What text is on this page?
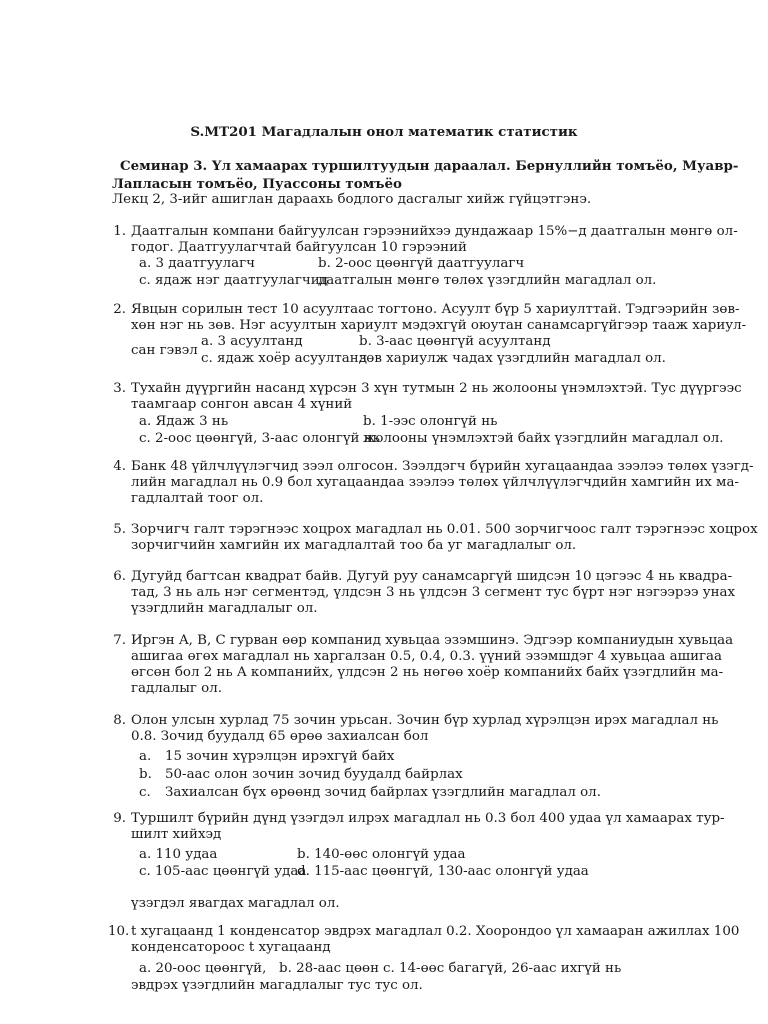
S.MT201 Магадлалын онол математик статистик
Семинар 3. Үл хамаарах туршилтуудын дараалал. Бернуллийн томъёо, Муавр-
Лапласын томъёо, Пуассоны томъёо
Лекц 2, 3-ийг ашиглан дараахь бодлого дасгалыг хийж гүйцэтгэнэ.
1. Даатгалын компани байгуулсан гэрээнийхээ дундажаар 15%−д даатгалын мөнгө ол-
годог. Даатгуулагчтай байгуулсан 10 гэрээний
a. 3 даатгуулагч	b. 2-оос цөөнгүй даатгуулагч
c. ядаж нэг даатгуулагчид
даатгалын мөнгө төлөх үзэгдлийн магадлал ол.
2. Явцын сорилын тест 10 асуултаас тогтоно. Асуулт бүр 5 хариулттай. Тэдгээрийн зөв-
хөн нэг нь зөв. Нэг асуултын хариулт мэдэхгүй оюутан санамсаргүйгээр тааж хариул-
сан гэвэл
a. 3 асуултанд	b. 3-аас цөөнгүй асуултанд
c. ядаж хоёр асуултанд
зөв хариулж чадах үзэгдлийн магадлал ол.
3. Тухайн дүүргийн насанд хүрсэн 3 хүн тутмын 2 нь жолооны үнэмлэхтэй. Тус дүүргээс
таамгаар сонгон авсан 4 хүний
a. Ядаж 3 нь	b. 1-ээс олонгүй нь
c. 2-оос цөөнгүй, 3-аас олонгүй нь
жолооны үнэмлэхтэй байх үзэгдлийн магадлал ол.
4. Банк 48 үйлчлүүлэгчид зээл олгосон. Зээлдэгч бүрийн хугацаандаа зээлээ төлөх үзэгд-
лийн магадлал нь 0.9 бол хугацаандаа зээлээ төлөх үйлчлүүлэгчдийн хамгийн их ма-
гадлалтай тоог ол.
5. Зорчигч галт тэрэгнээс хоцрох магадлал нь 0.01. 500 зорчигчоос галт тэрэгнээс хоцрох
зорчигчийн хамгийн их магадлалтай тоо ба уг магадлалыг ол.
6. Дугуйд багтсан квадрат байв. Дугуй руу санамсаргүй шидсэн 10 цэгээс 4 нь квадра-
тад, 3 нь аль нэг сегментэд, үлдсэн 3 нь үлдсэн 3 сегмент тус бүрт нэг нэгээрээ унах
үзэгдлийн магадлалыг ол.
7. Иргэн A, B, C гурван өөр компанид хувьцаа эзэмшинэ. Эдгээр компаниудын хувьцаа
ашигаа өгөх магадлал нь харгалзан 0.5, 0.4, 0.3. үүний эзэмшдэг 4 хувьцаа ашигаа
өгсөн бол 2 нь A компанийх, үлдсэн 2 нь нөгөө хоёр компанийх байх үзэгдлийн ма-
гадлалыг ол.
8. Олон улсын хурлад 75 зочин урьсан. Зочин бүр хурлад хүрэлцэн ирэх магадлал нь
0.8. Зочид буудалд 65 өрөө захиалсан бол
a. 15 зочин хүрэлцэн ирэхгүй байх
b. 50-аас олон зочин зочид буудалд байрлах
c. Захиалсан бүх өрөөнд зочид байрлах үзэгдлийн магадлал ол.
9. Туршилт бүрийн дүнд үзэгдэл илрэх магадлал нь 0.3 бол 400 удаа үл хамаарах тур-
шилт хийхэд
a. 110 удаа	b. 140-өөс олонгүй удаа
c. 105-аас цөөнгүй удаа
d. 115-аас цөөнгүй, 130-аас олонгүй удаа
үзэгдэл явагдах магадлал ол.
10. t хугацаанд 1 конденсатор эвдрэх магадлал 0.2. Хоорондоо үл хамааран ажиллах 100
конденсатороос t хугацаанд
a. 20-оос цөөнгүй, b. 28-аас цөөн c. 14-өөс багагүй, 26-аас ихгүй нь
эвдрэх үзэгдлийн магадлалыг тус тус ол.
